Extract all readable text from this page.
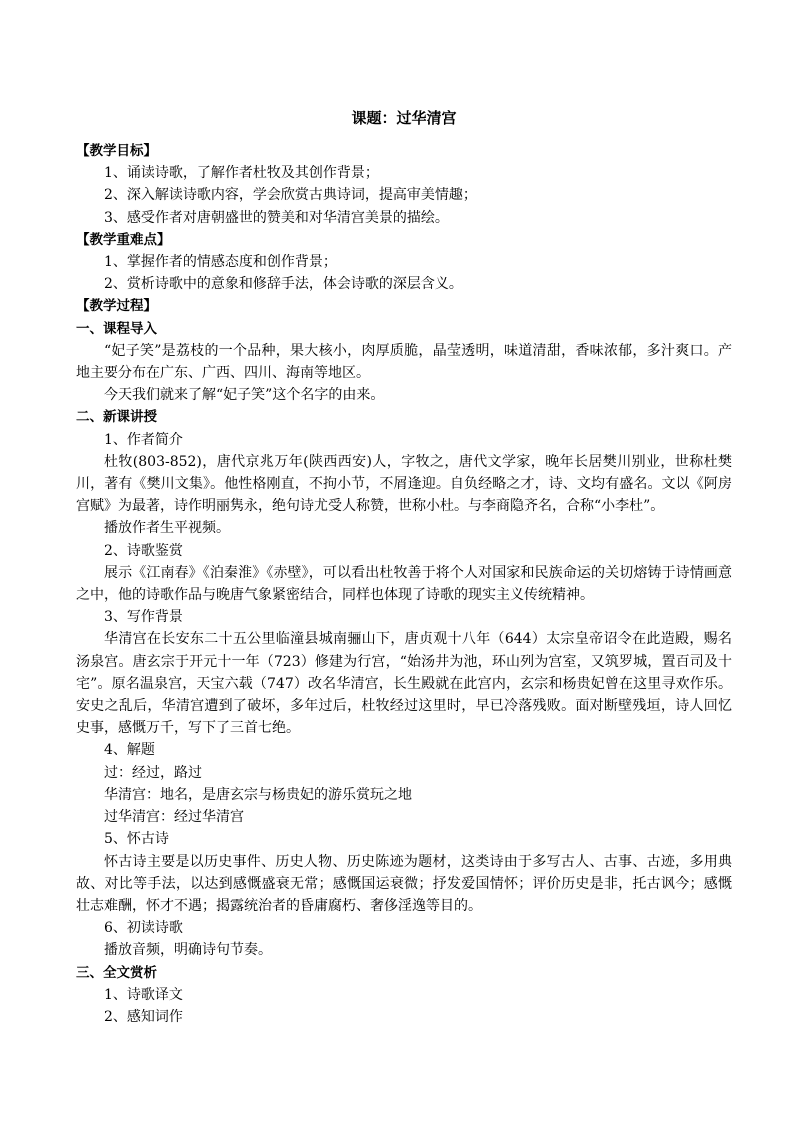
课题：过华清宫
【教学目标】
1、诵读诗歌，了解作者杜牧及其创作背景；
2、深入解读诗歌内容，学会欣赏古典诗词，提高审美情趣；
3、感受作者对唐朝盛世的赞美和对华清宫美景的描绘。
【教学重难点】
1、掌握作者的情感态度和创作背景；
2、赏析诗歌中的意象和修辞手法，体会诗歌的深层含义。
【教学过程】
一、课程导入
“妃子笑”是荔枝的一个品种，果大核小，肉厚质脆，晶莹透明，味道清甜，香味浓郁，多汁爽口。产地主要分布在广东、广西、四川、海南等地区。
今天我们就来了解“妃子笑”这个名字的由来。
二、新课讲授
1、作者简介
杜牧(803-852)，唐代京兆万年(陕西西安)人，字牧之，唐代文学家，晚年长居樊川别业，世称杜樊川，著有《樊川文集》。他性格刚直，不拘小节，不屑逢迎。自负经略之才，诗、文均有盛名。文以《阿房宫赋》为最著，诗作明丽隽永，绝句诗尤受人称赞，世称小杜。与李商隐齐名，合称“小李杜”。
播放作者生平视频。
2、诗歌鉴赏
展示《江南春》《泊秦淮》《赤壁》，可以看出杜牧善于将个人对国家和民族命运的关切熔铸于诗情画意之中，他的诗歌作品与晚唐气象紧密结合，同样也体现了诗歌的现实主义传统精神。
3、写作背景
华清宫在长安东二十五公里临潼县城南骊山下，唐贞观十八年（644）太宗皇帝诏令在此造殿，赐名汤泉宫。唐玄宗于开元十一年（723）修建为行宫，“始汤井为池，环山列为宫室，又筑罗城，置百司及十宅”。原名温泉宫，天宝六载（747）改名华清宫，长生殿就在此宫内，玄宗和杨贵妃曾在这里寻欢作乐。安史之乱后，华清宫遭到了破坏，多年过后，杜牧经过这里时，早已冷落残败。面对断壁残垣，诗人回忆史事，感慨万千，写下了三首七绝。
4、解题
过：经过，路过
华清宫：地名，是唐玄宗与杨贵妃的游乐赏玩之地
过华清宫：经过华清宫
5、怀古诗
怀古诗主要是以历史事件、历史人物、历史陈迹为题材，这类诗由于多写古人、古事、古迹，多用典故、对比等手法，以达到感慨盛衰无常；感慨国运衰微；抒发爱国情怀；评价历史是非，托古讽今；感慨壮志难酬，怀才不遇；揭露统治者的昏庸腐朽、奢侈淫逸等目的。
6、初读诗歌
播放音频，明确诗句节奏。
三、全文赏析
1、诗歌译文
2、感知词作
